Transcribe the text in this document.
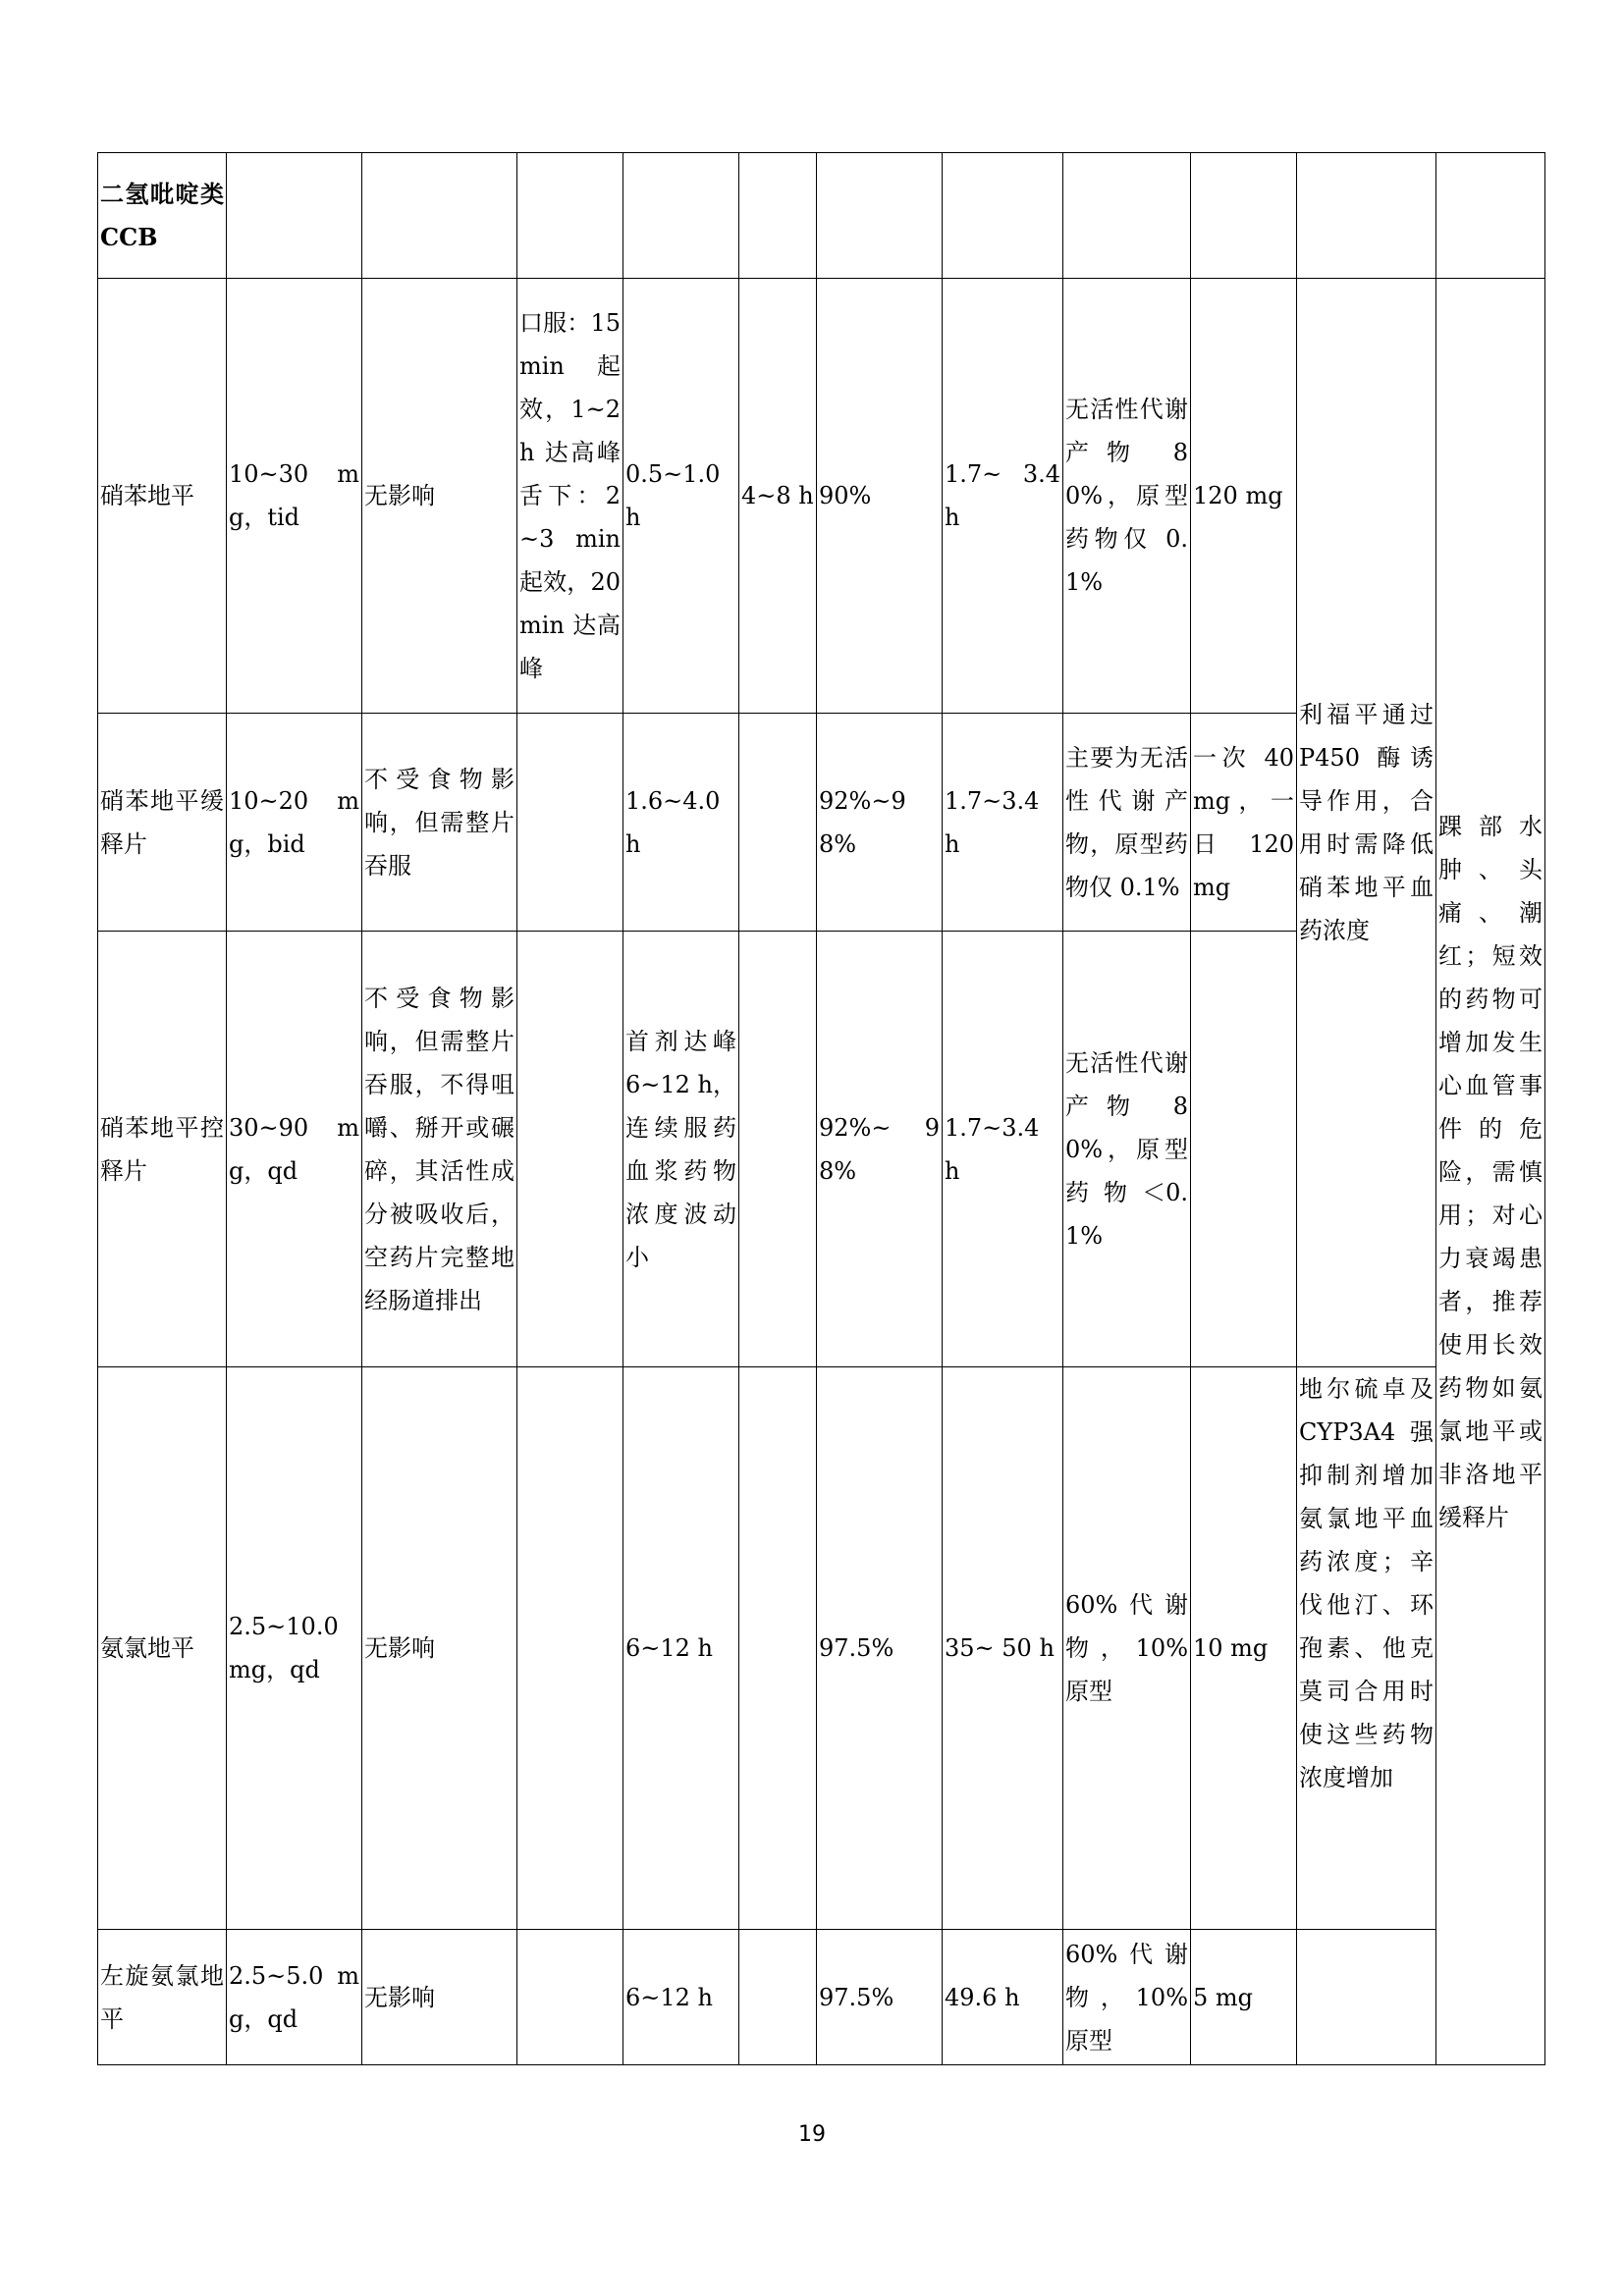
二氢吡啶类 CCB											
硝苯地平	10~30 mg，tid	无影响	口服：15 min 起效，1~2 h 达高峰 舌下：2~3 min 起效，20 min 达高峰	0.5~1.0 h	4~8 h	90%	1.7~ 3.4 h	无活性代谢产物 80%，原型药物仅 0.1%	120 mg	利福平通过 P450 酶诱导作用，合用时需降低硝苯地平血药浓度	踝部水肿、头痛、潮红；短效的药物可增加发生心血管事件的危险，需慎用；对心力衰竭患者，推荐使用长效药物如氨氯地平或非洛地平缓释片
硝苯地平缓释片	10~20 mg，bid	不受食物影响，但需整片吞服		1.6~4.0 h		92%~98%	1.7~3.4 h	主要为无活性代谢产物，原型药物仅 0.1%	一次 40 mg，一日 120 mg		
硝苯地平控释片	30~90 mg，qd	不受食物影响，但需整片吞服，不得咀嚼、掰开或碾碎，其活性成分被吸收后，空药片完整地经肠道排出		首剂达峰 6~12 h，连续服药血浆药物浓度波动小		92%~ 98%	1.7~3.4 h	无活性代谢产物 80%，原型药物＜0.1%			
氨氯地平	2.5~10.0 mg，qd	无影响		6~12 h		97.5%	35~ 50 h	60%代谢物，10%原型	10 mg	地尔硫卓及 CYP3A4 强抑制剂增加氨氯地平血药浓度；辛伐他汀、环孢素、他克莫司合用时使这些药物浓度增加	
左旋氨氯地平	2.5~5.0 mg，qd	无影响		6~12 h		97.5%	49.6 h	60%代谢物，10%原型	5 mg		
19
